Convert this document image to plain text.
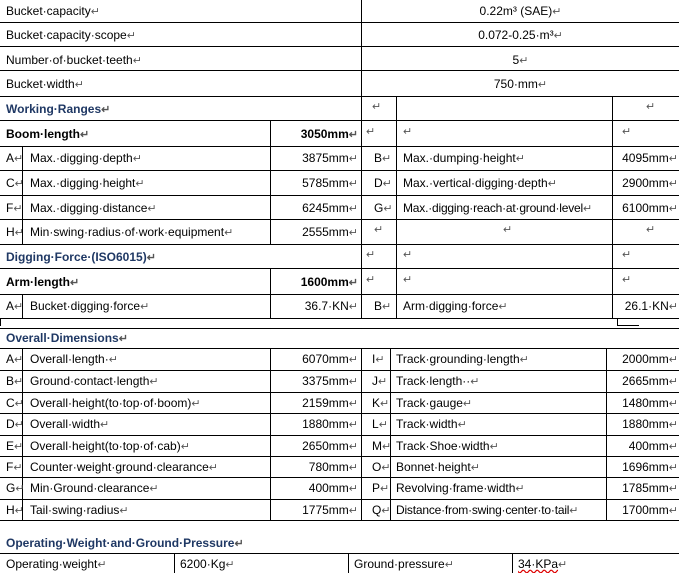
Bucket·capacity↵	0.22m³ (SAE)↵
Bucket·capacity·scope↵	0.072-0.25·m³↵
Number·of·bucket·teeth↵	5↵
Bucket·width↵	750·mm↵
Working·Ranges↵	↵	↵
Boom·length↵	3050mm↵ ↵	↵	↵
A↵ Max.·digging·depth↵	3875mm↵ B↵ Max.·dumping·height↵	4095mm↵
C↵ Max.·digging·height↵	5785mm↵ D↵ Max.·vertical·digging·depth↵	2900mm↵
F↵ Max.·digging·distance↵	6245mm↵ G↵ Max.·digging·reach·at·ground·level↵	6100mm↵
H↵ Min·swing·radius·of·work·equipment↵	2555mm↵ ↵	↵	↵
Digging·Force·(ISO6015)↵	↵	↵	↵
Arm·length↵	1600mm↵ ↵	↵	↵
A↵ Bucket·digging·force↵	36.7·KN↵ B↵ Arm·digging·force↵	26.1·KN↵
Overall·Dimensions↵
A↵ Overall·length·↵	6070mm↵ I↵ Track·grounding·length↵	2000mm↵
B↵ Ground·contact·length↵	3375mm↵ J↵ Track·length··↵	2665mm↵
C↵ Overall·height(to·top·of·boom)↵	2159mm↵ K↵ Track·gauge↵	1480mm↵
D↵ Overall·width↵	1880mm↵ L↵ Track·width↵	1880mm↵
E↵ Overall·height(to·top·of·cab)↵	2650mm↵ M↵ Track·Shoe·width↵	400mm↵
F↵ Counter·weight·ground·clearance↵	780mm↵ O↵ Bonnet·height↵	1696mm↵
G↵ Min·Ground·clearance↵	400mm↵ P↵ Revolving·frame·width↵	1785mm↵
H↵ Tail·swing·radius↵	1775mm↵ Q↵ Distance·from·swing·center·to·tail↵	1700mm↵
Operating·Weight·and·Ground·Pressure↵
Operating·weight↵	6200·Kg↵	Ground·pressure↵	34·KPa↵
